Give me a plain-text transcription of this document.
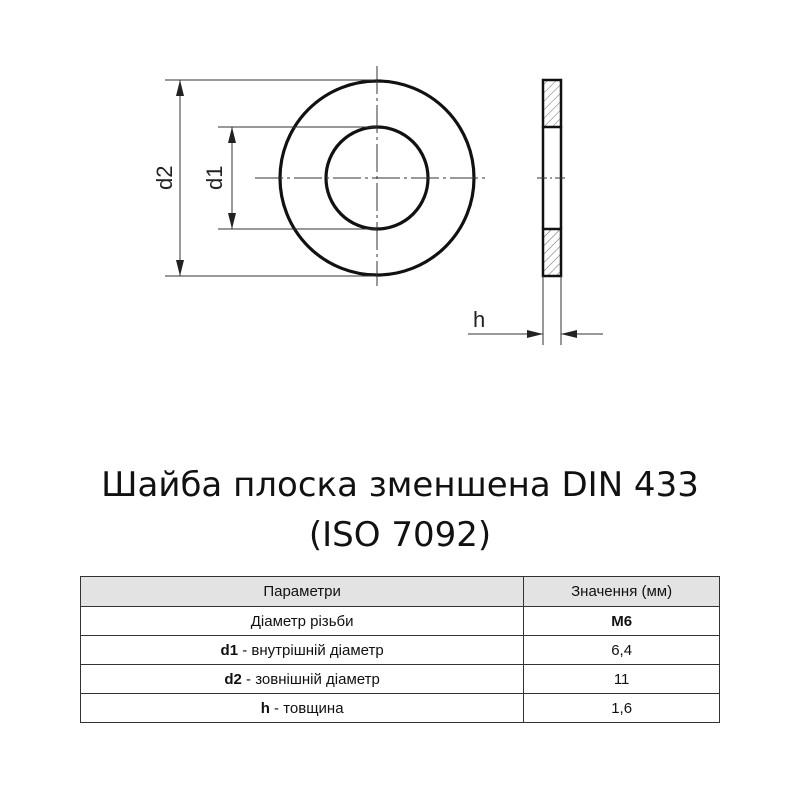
d2 d1
h
Шайба плоска зменшена DIN 433
(ISO 7092)
Параметри	Значення (мм)
Діаметр різьби	M6
d1 - внутрішній діаметр	6,4
d2 - зовнішній діаметр	11
h - товщина	1,6
